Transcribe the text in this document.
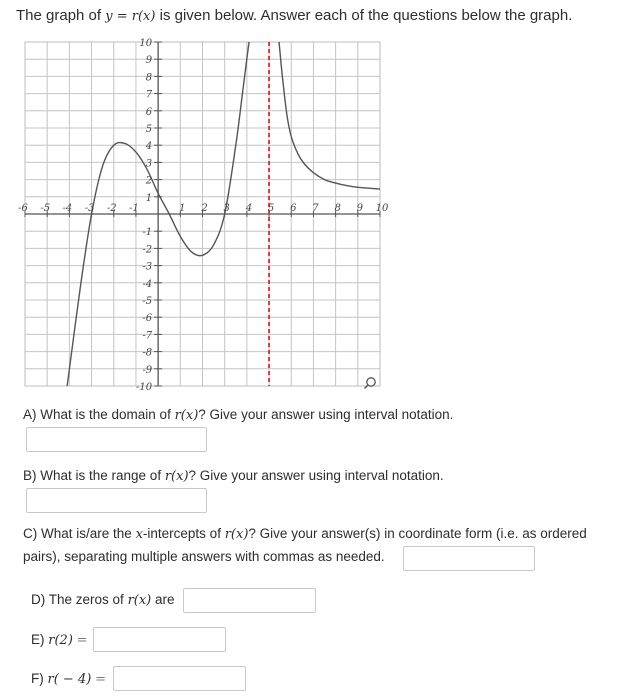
The graph of y = r(x) is given below. Answer each of the questions below the graph.
-6 -5 -4 -3 -2 -1	1 2 3 4 5 6 7 8 9 10
10
9
8
7
6
5
4
3
2
1
-1
-2
-3
-4
-5
-6
-7
-8
-9
-10
A) What is the domain of r(x)? Give your answer using interval notation.
B) What is the range of r(x)? Give your answer using interval notation.
C) What is/are the x-intercepts of r(x)? Give your answer(s) in coordinate form (i.e. as ordered pairs), separating multiple answers with commas as needed.
D) The zeros of r(x) are
E) r(2) =
F) r( − 4) =
